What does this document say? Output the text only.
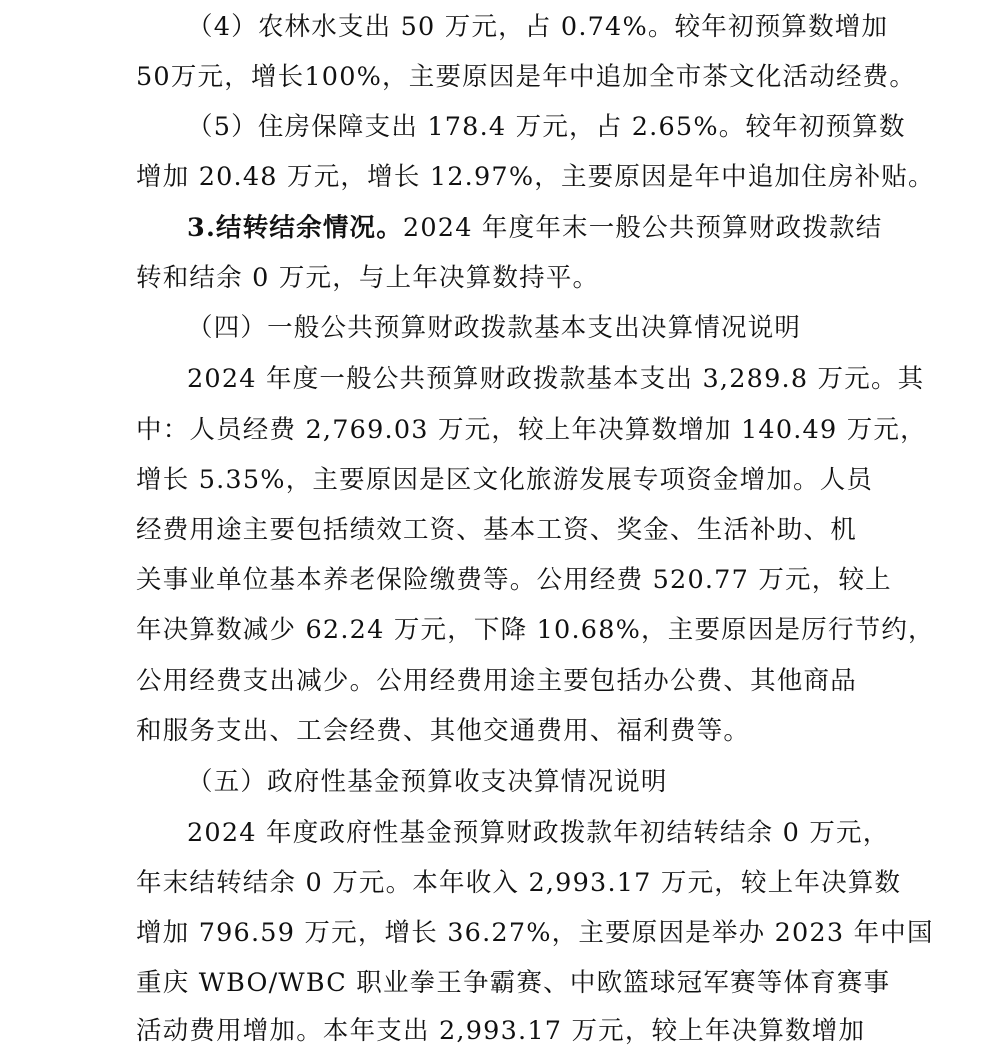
（4）农林水支出 50 万元，占 0.74%。较年初预算数增加
50万元，增长100%，主要原因是年中追加全市茶文化活动经费。
（5）住房保障支出 178.4 万元，占 2.65%。较年初预算数
增加 20.48 万元，增长 12.97%，主要原因是年中追加住房补贴。
3.结转结余情况。2024 年度年末一般公共预算财政拨款结
转和结余 0 万元，与上年决算数持平。
（四）一般公共预算财政拨款基本支出决算情况说明
2024 年度一般公共预算财政拨款基本支出 3,289.8 万元。其
中：人员经费 2,769.03 万元，较上年决算数增加 140.49 万元，
增长 5.35%，主要原因是区文化旅游发展专项资金增加。人员
经费用途主要包括绩效工资、基本工资、奖金、生活补助、机
关事业单位基本养老保险缴费等。公用经费 520.77 万元，较上
年决算数减少 62.24 万元，下降 10.68%，主要原因是厉行节约，
公用经费支出减少。公用经费用途主要包括办公费、其他商品
和服务支出、工会经费、其他交通费用、福利费等。
（五）政府性基金预算收支决算情况说明
2024 年度政府性基金预算财政拨款年初结转结余 0 万元，
年末结转结余 0 万元。本年收入 2,993.17 万元，较上年决算数
增加 796.59 万元，增长 36.27%，主要原因是举办 2023 年中国
重庆 WBO/WBC 职业拳王争霸赛、中欧篮球冠军赛等体育赛事
活动费用增加。本年支出 2,993.17 万元，较上年决算数增加
